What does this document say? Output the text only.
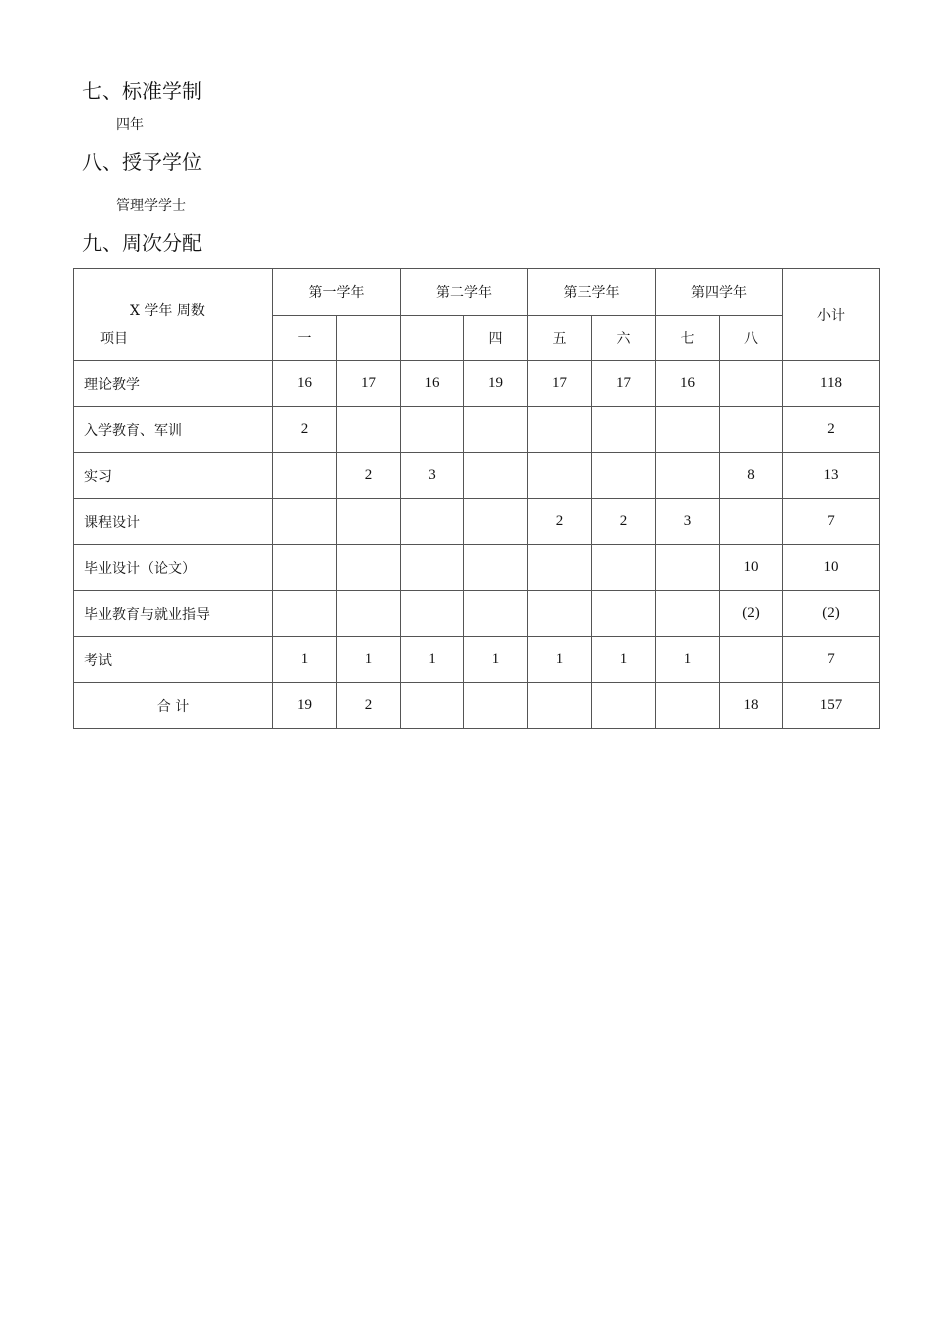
七、标准学制
四年
八、授予学位
管理学学士
九、周次分配
X 学年 周数
项目	第一学年		第二学年		第三学年		第四学年		小计
	一			四	五	六	七	八	
理论教学	16	17	16	19	17	17	16		118
入学教育、军训	2								2
实习		2	3					8	13
课程设计					2	2	3		7
毕业设计（论文）								10	10
毕业教育与就业指导								(2)	(2)
考试	1	1	1	1	1	1	1		7
合 计	19	2						18	157
